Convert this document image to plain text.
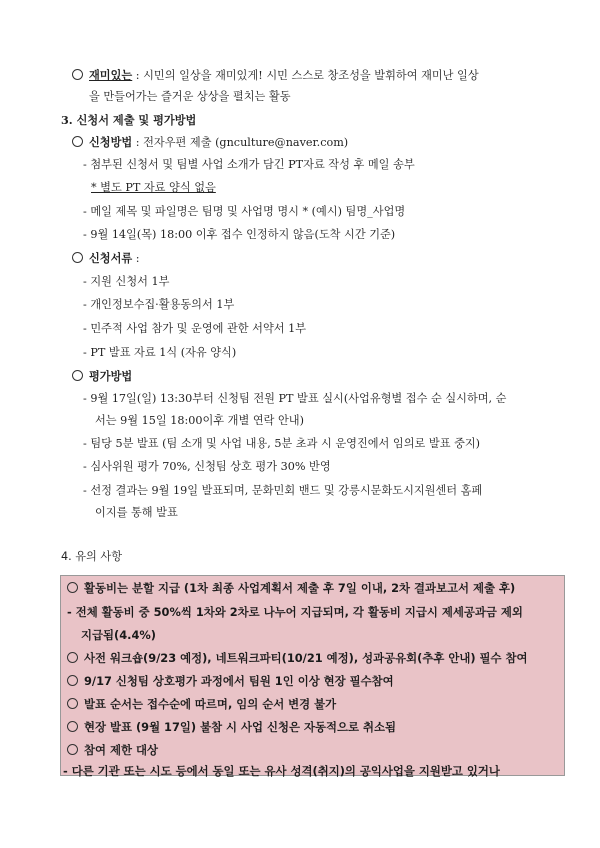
재미있는 : 시민의 일상을 재미있게! 시민 스스로 창조성을 발휘하여 재미난 일상
을 만들어가는 즐거운 상상을 펼치는 활동
3. 신청서 제출 및 평가방법
신청방법 : 전자우편 제출 (gnculture@naver.com)
- 첨부된 신청서 및 팀별 사업 소개가 담긴 PT자료 작성 후 메일 송부
* 별도 PT 자료 양식 없음
- 메일 제목 및 파일명은 팀명 및 사업명 명시 * (예시) 팀명_사업명
- 9월 14일(목) 18:00 이후 접수 인정하지 않음(도착 시간 기준)
신청서류 :
- 지원 신청서 1부
- 개인정보수집·활용동의서 1부
- 민주적 사업 참가 및 운영에 관한 서약서 1부
- PT 발표 자료 1식 (자유 양식)
평가방법
- 9월 17일(일) 13:30부터 신청팀 전원 PT 발표 실시(사업유형별 접수 순 실시하며, 순
서는 9월 15일 18:00이후 개별 연락 안내)
- 팀당 5분 발표 (팀 소개 및 사업 내용, 5분 초과 시 운영진에서 임의로 발표 중지)
- 심사위원 평가 70%, 신청팀 상호 평가 30% 반영
- 선정 결과는 9월 19일 발표되며, 문화민회 밴드 및 강릉시문화도시지원센터 홈페
이지를 통해 발표
4. 유의 사항
활동비는 분할 지급 (1차 최종 사업계획서 제출 후 7일 이내, 2차 결과보고서 제출 후)
- 전체 활동비 중 50%씩 1차와 2차로 나누어 지급되며, 각 활동비 지급시 제세공과금 제외
지급됨(4.4%)
사전 워크숍(9/23 예정), 네트워크파티(10/21 예정), 성과공유회(추후 안내) 필수 참여
9/17 신청팀 상호평가 과정에서 팀원 1인 이상 현장 필수참여
발표 순서는 접수순에 따르며, 임의 순서 변경 불가
현장 발표 (9월 17일) 불참 시 사업 신청은 자동적으로 취소됨
참여 제한 대상
- 다른 기관 또는 시도 등에서 동일 또는 유사 성격(취지)의 공익사업을 지원받고 있거나
